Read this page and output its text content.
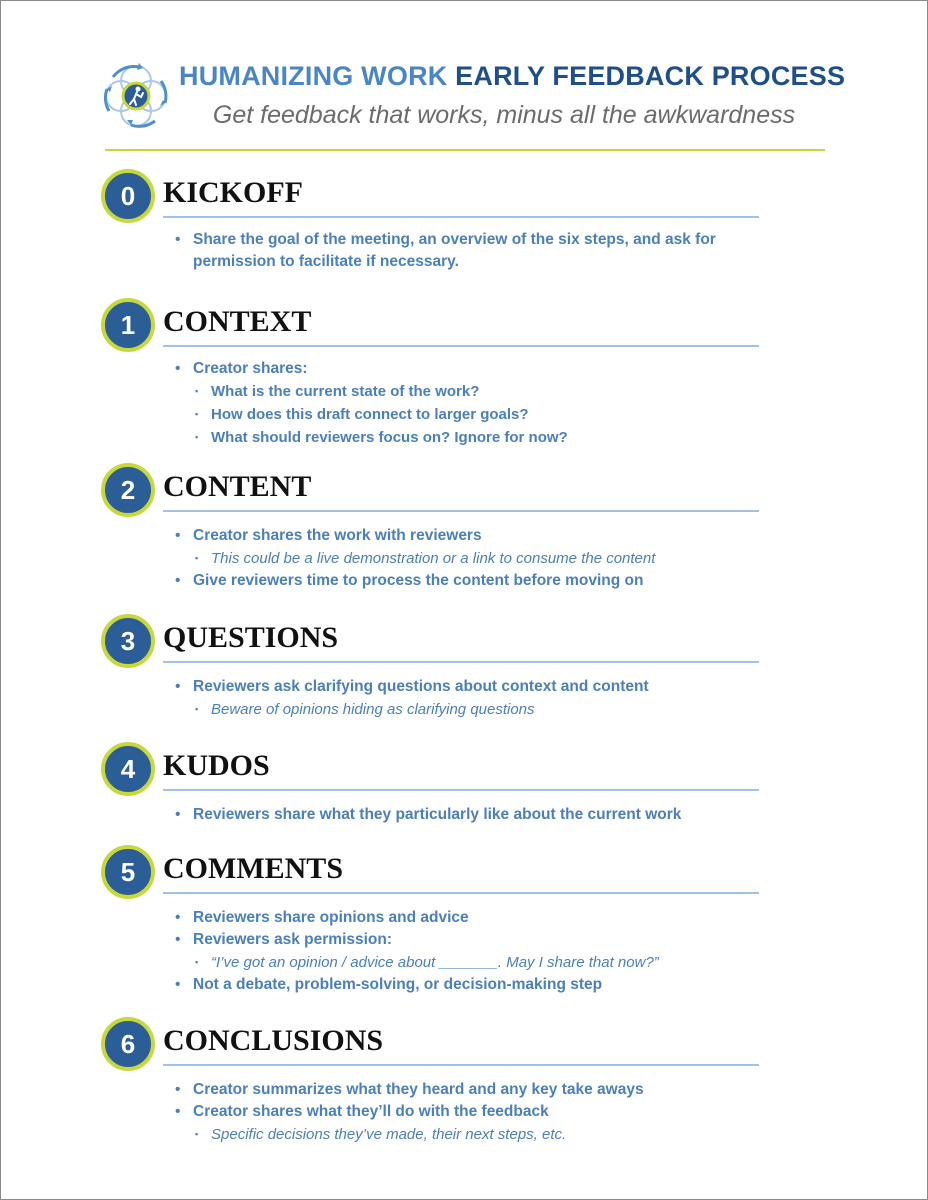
HUMANIZING WORK EARLY FEEDBACK PROCESS
Get feedback that works, minus all the awkwardness
0 KICKOFF
• Share the goal of the meeting, an overview of the six steps, and ask for permission to facilitate if necessary.
1 CONTEXT
• Creator shares:
▪ What is the current state of the work?
▪ How does this draft connect to larger goals?
▪ What should reviewers focus on? Ignore for now?
2 CONTENT
• Creator shares the work with reviewers
▪ This could be a live demonstration or a link to consume the content
• Give reviewers time to process the content before moving on
3 QUESTIONS
• Reviewers ask clarifying questions about context and content
▪ Beware of opinions hiding as clarifying questions
4 KUDOS
• Reviewers share what they particularly like about the current work
5 COMMENTS
• Reviewers share opinions and advice
• Reviewers ask permission:
▪ “I’ve got an opinion / advice about _______. May I share that now?”
• Not a debate, problem-solving, or decision-making step
6 CONCLUSIONS
• Creator summarizes what they heard and any key take aways
• Creator shares what they’ll do with the feedback
▪ Specific decisions they’ve made, their next steps, etc.
